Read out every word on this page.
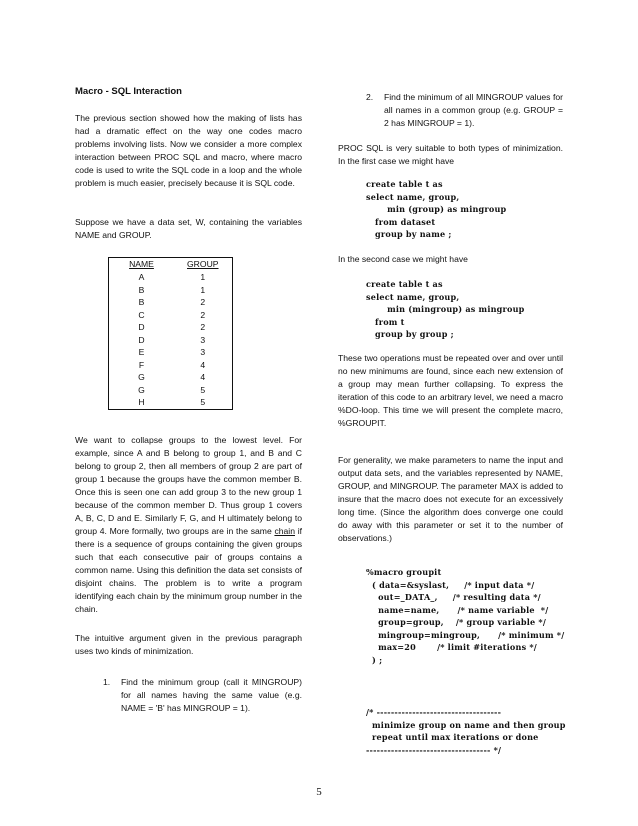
Macro - SQL Interaction
The previous section showed how the making of lists has had a dramatic effect on the way one codes macro problems involving lists. Now we consider a more complex interaction between PROC SQL and macro, where macro code is used to write the SQL code in a loop and the whole problem is much easier, precisely because it is SQL code.
Suppose we have a data set, W, containing the variables NAME and GROUP.
NAME	GROUP
A	1
B	1
B	2
C	2
D	2
D	3
E	3
F	4
G	4
G	5
H	5
We want to collapse groups to the lowest level. For example, since A and B belong to group 1, and B and C belong to group 2, then all members of group 2 are part of group 1 because the groups have the common member B. Once this is seen one can add group 3 to the new group 1 because of the common member D. Thus group 1 covers A, B, C, D and E. Similarly F, G, and H ultimately belong to group 4. More formally, two groups are in the same chain if there is a sequence of groups containing the given groups such that each consecutive pair of groups contains a common name. Using this definition the data set consists of disjoint chains. The problem is to write a program identifying each chain by the minimum group number in the chain.
The intuitive argument given in the previous paragraph uses two kinds of minimization.
1. Find the minimum group (call it MINGROUP) for all names having the same value (e.g. NAME = 'B' has MINGROUP = 1).
2. Find the minimum of all MINGROUP values for all names in a common group (e.g. GROUP = 2 has MINGROUP = 1).
PROC SQL is very suitable to both types of minimization. In the first case we might have
create table t as
select name, group,
min (group) as mingroup
from dataset
group by name ;
In the second case we might have
create table t as
select name, group,
min (mingroup) as mingroup
from t
group by group ;
These two operations must be repeated over and over until no new minimums are found, since each new extension of a group may mean further collapsing. To express the iteration of this code to an arbitrary level, we need a macro %DO-loop. This time we will present the complete macro, %GROUPIT.
For generality, we make parameters to name the input and output data sets, and the variables represented by NAME, GROUP, and MINGROUP. The parameter MAX is added to insure that the macro does not execute for an excessively long time. (Since the algorithm does converge one could do away with this parameter or set it to the number of observations.)
%macro groupit
( data=&syslast,     /* input data */
out=_DATA_,     /* resulting data */
name=name,      /* name variable  */
group=group,    /* group variable */
mingroup=mingroup,      /* minimum */
max=20       /* limit #iterations */
) ;
/* -----------------------------------
minimize group on name and then group
repeat until max iterations or done
----------------------------------- */
5
